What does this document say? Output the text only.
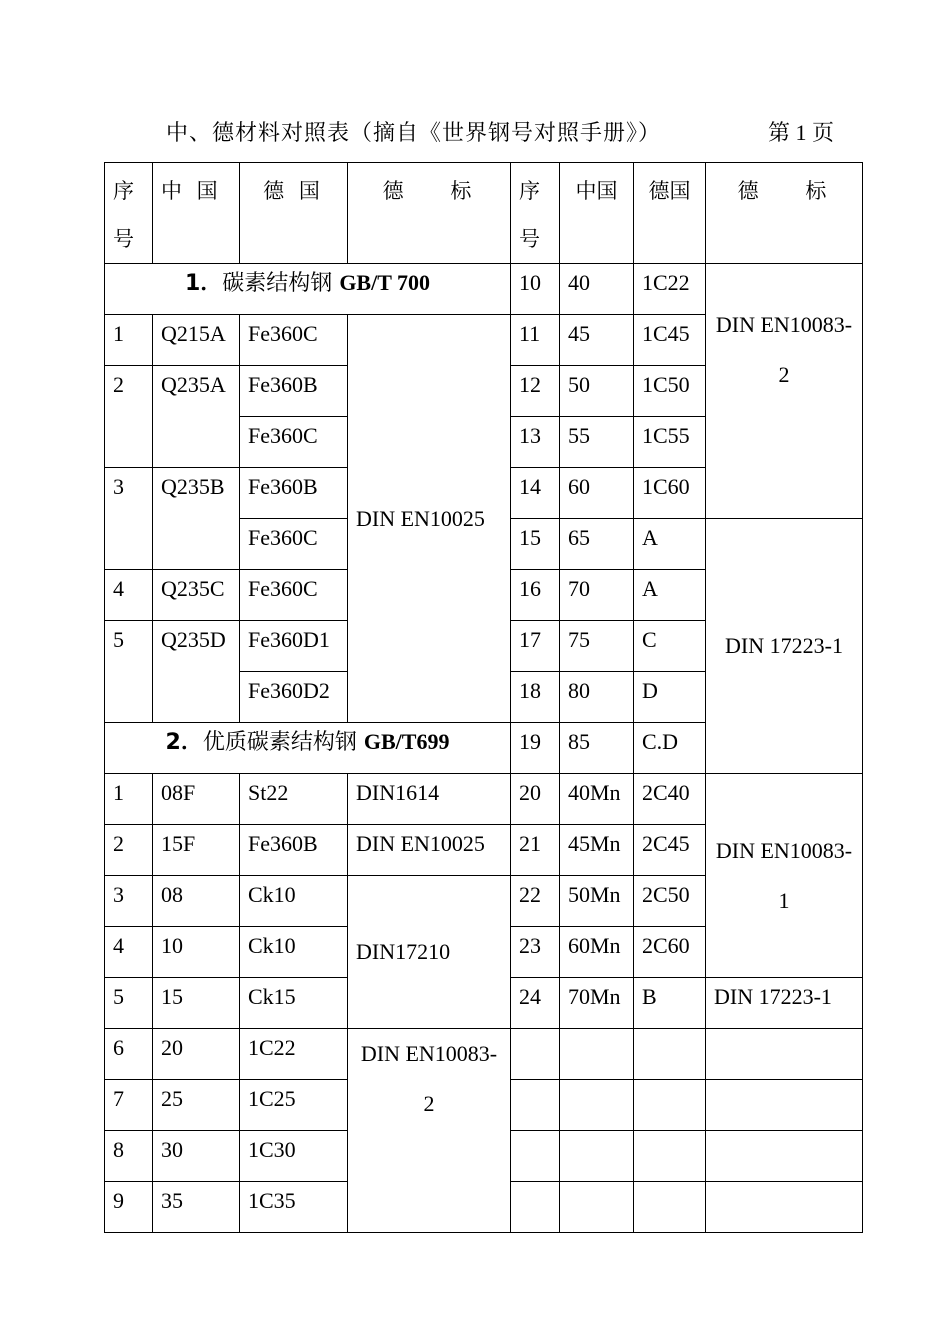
中、德材料对照表（摘自《世界钢号对照手册》）	第 1 页
序号	中 国	德 国	德    标	序号	中国	德国	德    标
1．碳素结构钢 GB/T 700				10	40	1C22	DIN EN10083-2
1	Q215A	Fe360C	DIN EN10025	11	45	1C45	
2	Q235A	Fe360B		12	50	1C50	
		Fe360C		13	55	1C55	
3	Q235B	Fe360B		14	60	1C60	
		Fe360C		15	65	A	DIN 17223-1
4	Q235C	Fe360C		16	70	A	
5	Q235D	Fe360D1		17	75	C	
		Fe360D2		18	80	D	
2．优质碳素结构钢 GB/T699				19	85	C.D	
1	08F	St22	DIN1614	20	40Mn	2C40	DIN EN10083-1
2	15F	Fe360B	DIN EN10025	21	45Mn	2C45	
3	08	Ck10	DIN17210	22	50Mn	2C50	
4	10	Ck10		23	60Mn	2C60	
5	15	Ck15		24	70Mn	B	DIN 17223-1
6	20	1C22	DIN EN10083-2				
7	25	1C25					
8	30	1C30					
9	35	1C35					
